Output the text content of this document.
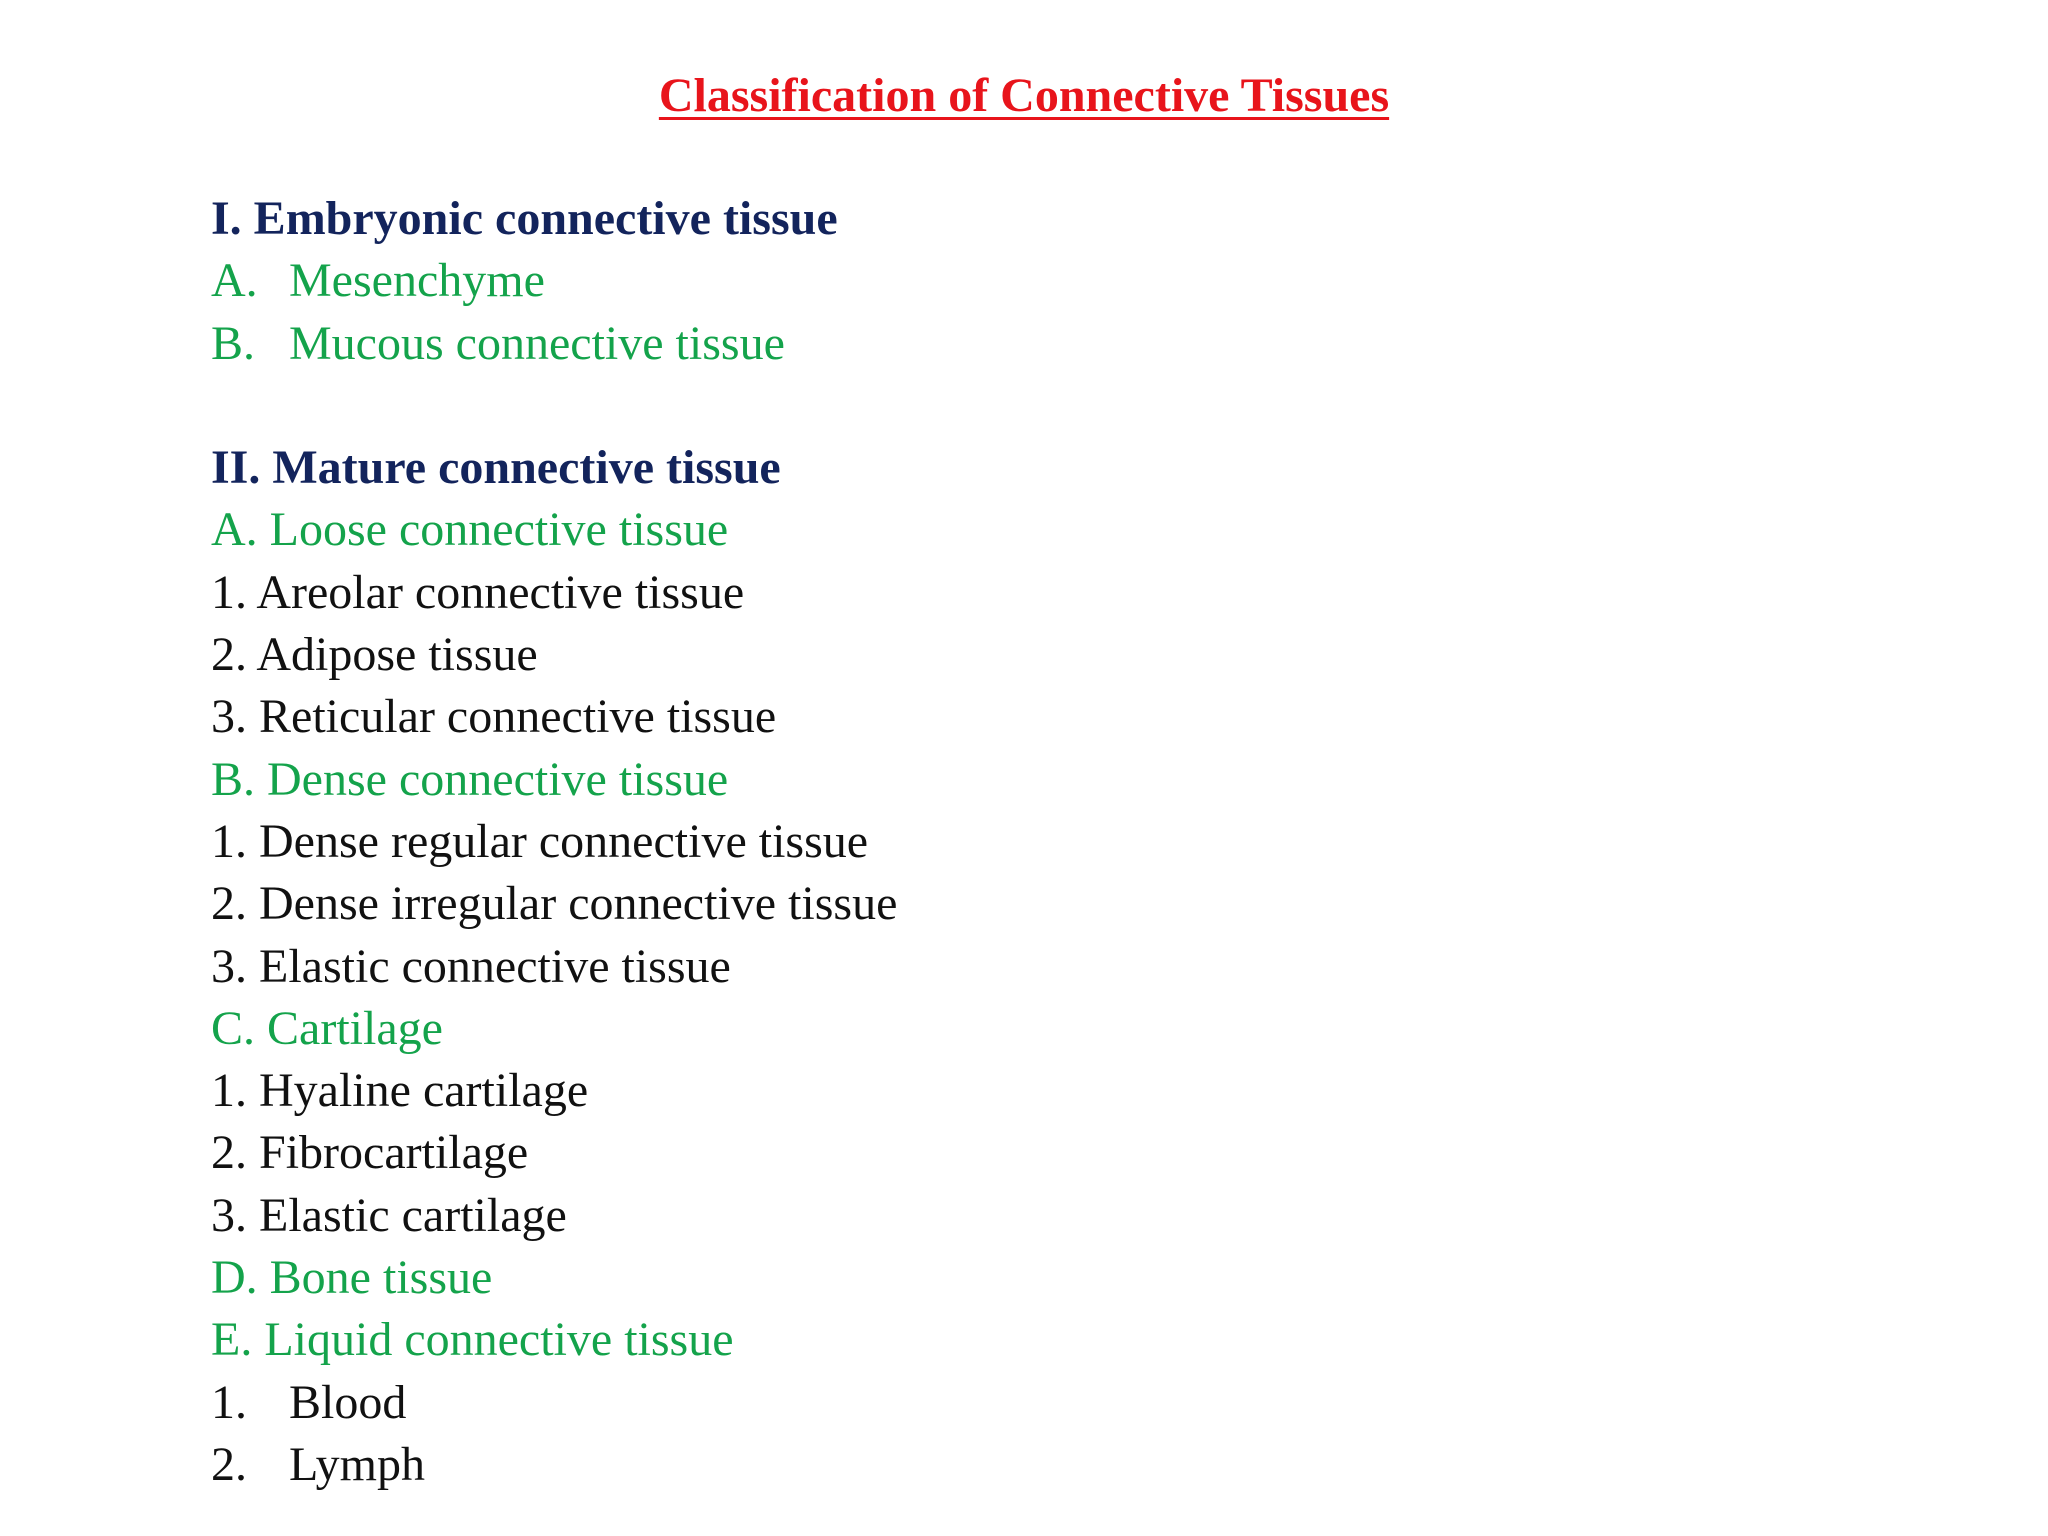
Classification of Connective Tissues
I. Embryonic connective tissue
A. Mesenchyme
B. Mucous connective tissue
II. Mature connective tissue
A. Loose connective tissue
1. Areolar connective tissue
2. Adipose tissue
3. Reticular connective tissue
B. Dense connective tissue
1. Dense regular connective tissue
2. Dense irregular connective tissue
3. Elastic connective tissue
C. Cartilage
1. Hyaline cartilage
2. Fibrocartilage
3. Elastic cartilage
D. Bone tissue
E. Liquid connective tissue
1. Blood
2. Lymph
